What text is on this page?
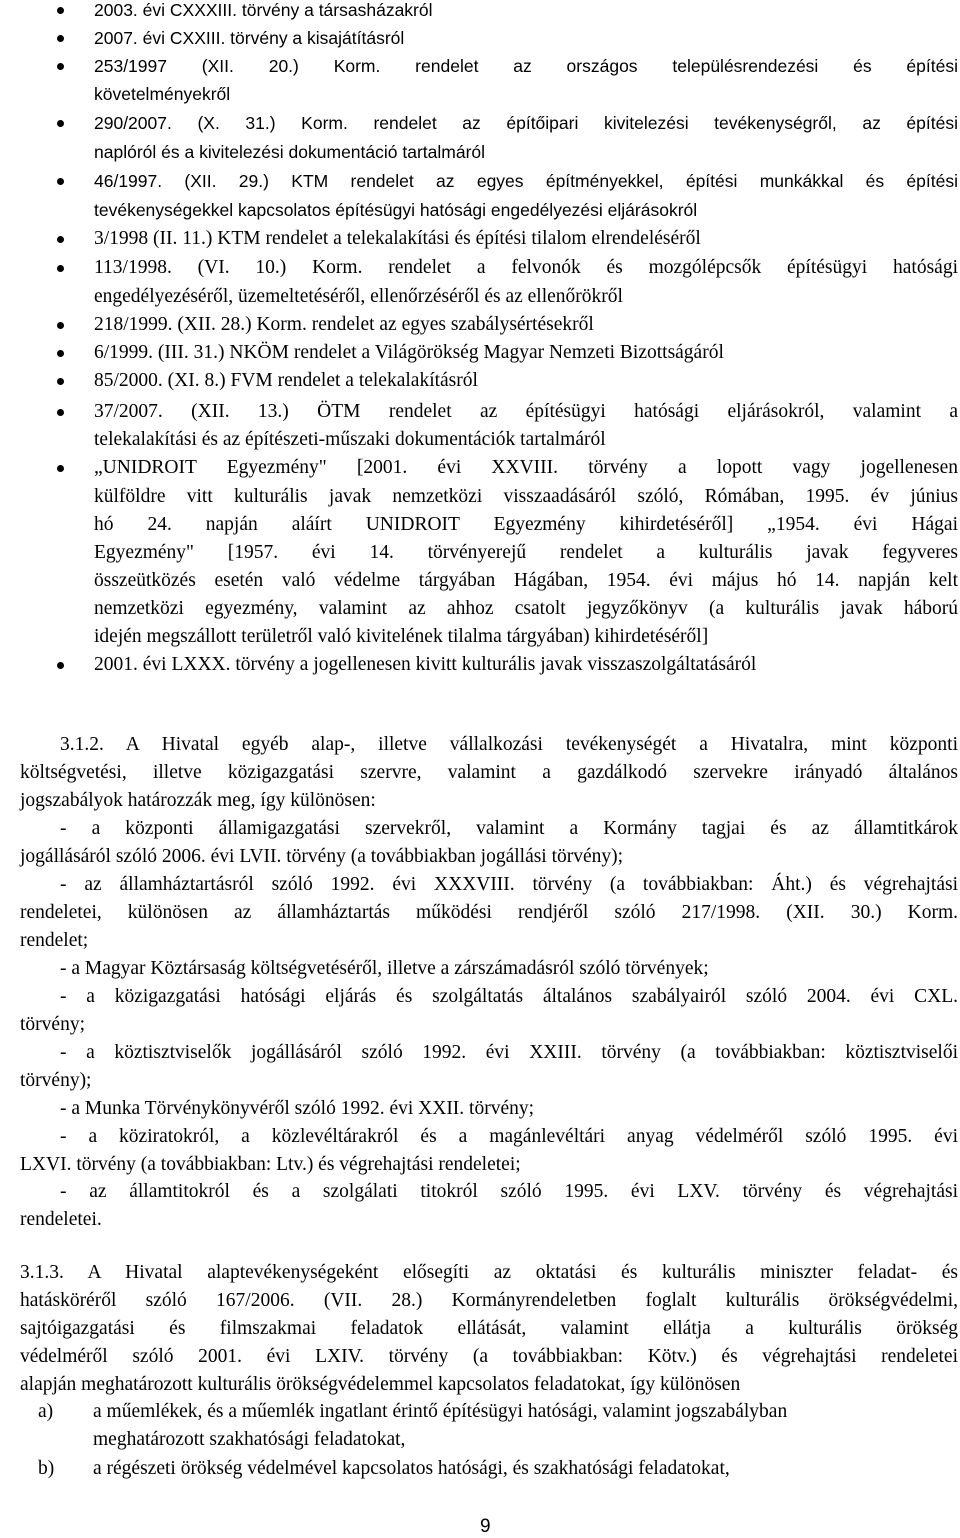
2003. évi CXXXIII. törvény a társasházakról
2007. évi CXXIII. törvény a kisajátításról
253/1997 (XII. 20.) Korm. rendelet az országos településrendezési és építési
követelményekről
290/2007. (X. 31.) Korm. rendelet az építőipari kivitelezési tevékenységről, az építési
naplóról és a kivitelezési dokumentáció tartalmáról
46/1997. (XII. 29.) KTM rendelet az egyes építményekkel, építési munkákkal és építési
tevékenységekkel kapcsolatos építésügyi hatósági engedélyezési eljárásokról
3/1998 (II. 11.) KTM rendelet a telekalakítási és építési tilalom elrendeléséről
113/1998. (VI. 10.) Korm. rendelet a felvonók és mozgólépcsők építésügyi hatósági
engedélyezéséről, üzemeltetéséről, ellenőrzéséről és az ellenőrökről
218/1999. (XII. 28.) Korm. rendelet az egyes szabálysértésekről
6/1999. (III. 31.) NKÖM rendelet a Világörökség Magyar Nemzeti Bizottságáról
85/2000. (XI. 8.) FVM rendelet a telekalakításról
37/2007. (XII. 13.) ÖTM rendelet az építésügyi hatósági eljárásokról, valamint a
telekalakítási és az építészeti-műszaki dokumentációk tartalmáról
„UNIDROIT Egyezmény" [2001. évi XXVIII. törvény a lopott vagy jogellenesen
külföldre vitt kulturális javak nemzetközi visszaadásáról szóló, Rómában, 1995. év június
hó 24. napján aláírt UNIDROIT Egyezmény kihirdetéséről] „1954. évi Hágai
Egyezmény" [1957. évi 14. törvényerejű rendelet a kulturális javak fegyveres
összeütközés esetén való védelme tárgyában Hágában, 1954. évi május hó 14. napján kelt
nemzetközi egyezmény, valamint az ahhoz csatolt jegyzőkönyv (a kulturális javak háború
idején megszállott területről való kivitelének tilalma tárgyában) kihirdetéséről]
2001. évi LXXX. törvény a jogellenesen kivitt kulturális javak visszaszolgáltatásáról
3.1.2. A Hivatal egyéb alap-, illetve vállalkozási tevékenységét a Hivatalra, mint központi
költségvetési, illetve közigazgatási szervre, valamint a gazdálkodó szervekre irányadó általános
jogszabályok határozzák meg, így különösen:
- a központi államigazgatási szervekről, valamint a Kormány tagjai és az államtitkárok
jogállásáról szóló 2006. évi LVII. törvény (a továbbiakban jogállási törvény);
- az államháztartásról szóló 1992. évi XXXVIII. törvény (a továbbiakban: Áht.) és végrehajtási
rendeletei, különösen az államháztartás működési rendjéről szóló 217/1998. (XII. 30.) Korm.
rendelet;
- a Magyar Köztársaság költségvetéséről, illetve a zárszámadásról szóló törvények;
- a közigazgatási hatósági eljárás és szolgáltatás általános szabályairól szóló 2004. évi CXL.
törvény;
- a köztisztviselők jogállásáról szóló 1992. évi XXIII. törvény (a továbbiakban: köztisztviselői
törvény);
- a Munka Törvénykönyvéről szóló 1992. évi XXII. törvény;
- a köziratokról, a közlevéltárakról és a magánlevéltári anyag védelméről szóló 1995. évi
LXVI. törvény (a továbbiakban: Ltv.) és végrehajtási rendeletei;
- az államtitokról és a szolgálati titokról szóló 1995. évi LXV. törvény és végrehajtási
rendeletei.
3.1.3. A Hivatal alaptevékenységeként elősegíti az oktatási és kulturális miniszter feladat- és
hatásköréről szóló 167/2006. (VII. 28.) Kormányrendeletben foglalt kulturális örökségvédelmi,
sajtóigazgatási és filmszakmai feladatok ellátását, valamint ellátja a kulturális örökség
védelméről szóló 2001. évi LXIV. törvény (a továbbiakban: Kötv.) és végrehajtási rendeletei
alapján meghatározott kulturális örökségvédelemmel kapcsolatos feladatokat, így különösen
a) a műemlékek, és a műemlék ingatlant érintő építésügyi hatósági, valamint jogszabályban
meghatározott szakhatósági feladatokat,
b) a régészeti örökség védelmével kapcsolatos hatósági, és szakhatósági feladatokat,
9
